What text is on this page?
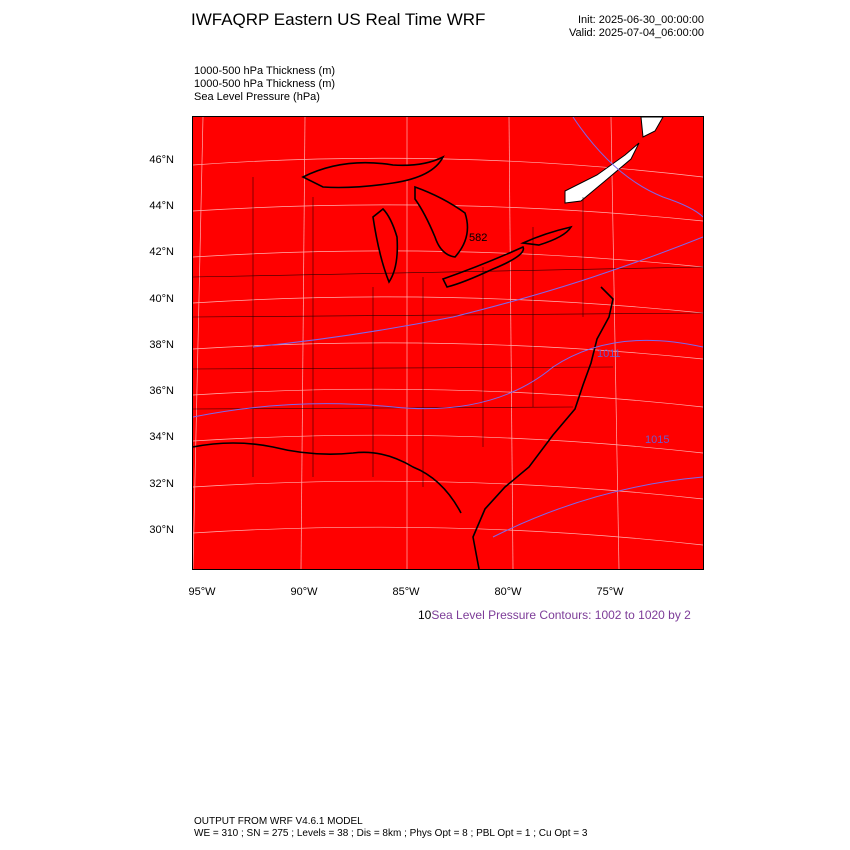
IWFAQRP Eastern US Real Time WRF	Init: 2025-06-30_00:00:00
Valid: 2025-07-04_06:00:00
1000-500 hPa Thickness (m)
1000-500 hPa Thickness (m)
Sea Level Pressure (hPa)
582
1011
1015
46°N
44°N
42°N
40°N
38°N
36°N
34°N
32°N
30°N
95°W	90°W	85°W	80°W	75°W
10Sea Level Pressure Contours: 1002 to 1020 by 2
OUTPUT FROM WRF V4.6.1 MODEL
WE = 310 ; SN = 275 ; Levels = 38 ; Dis = 8km ; Phys Opt = 8 ; PBL Opt = 1 ; Cu Opt = 3
